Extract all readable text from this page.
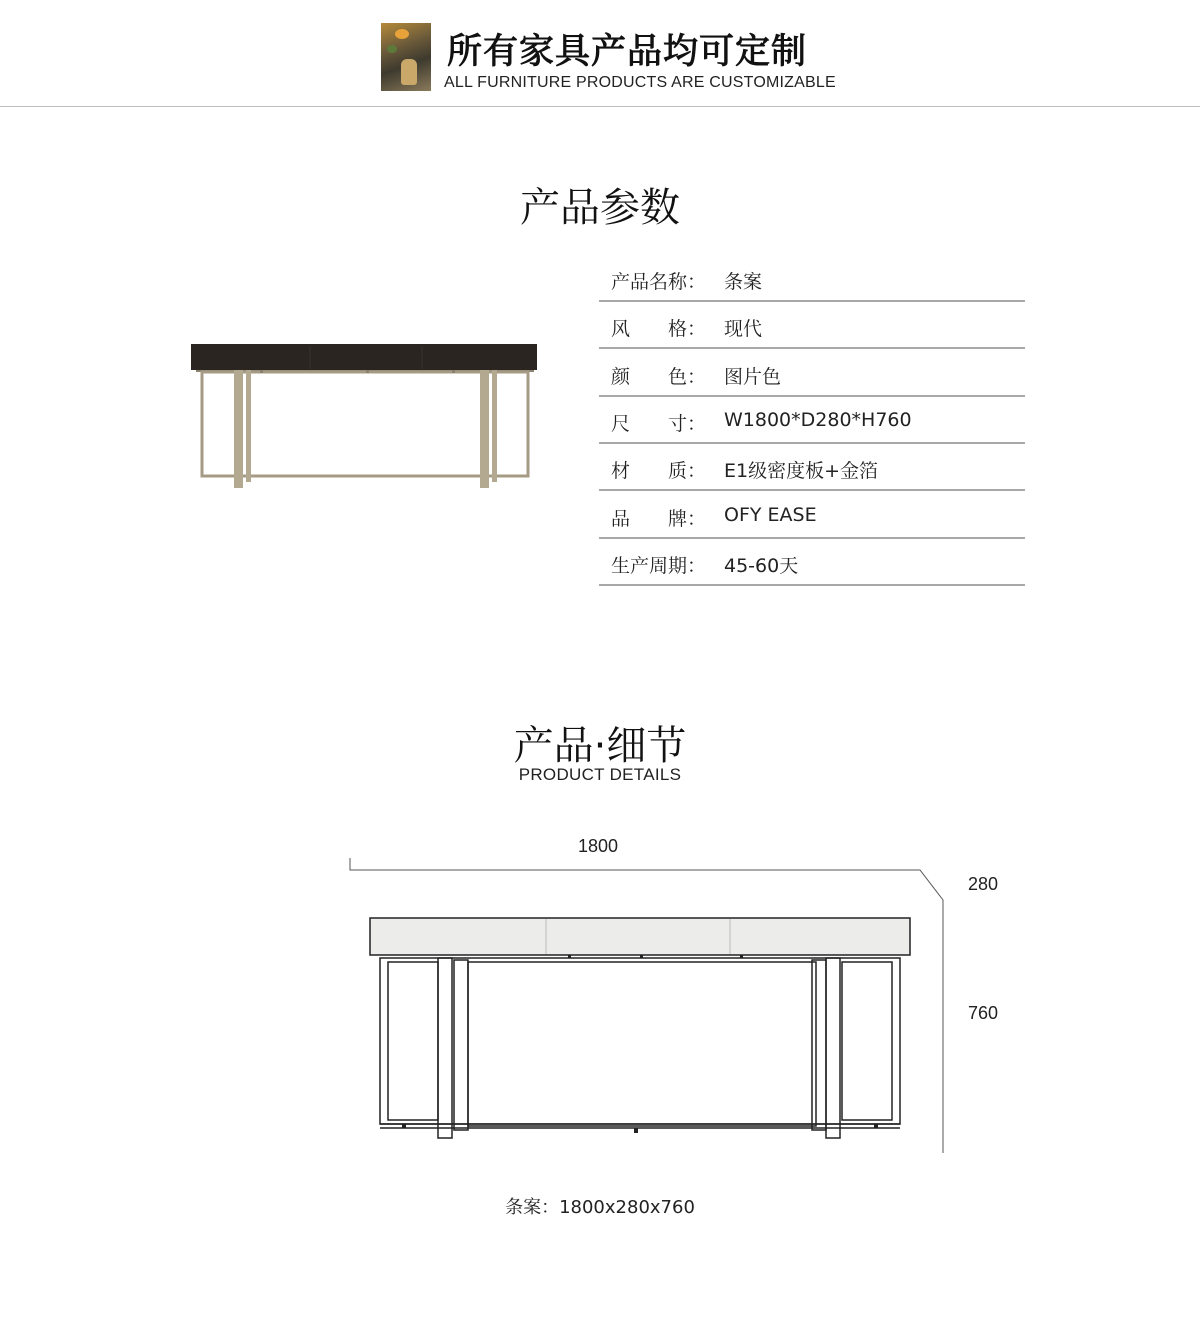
所有家具产品均可定制
ALL FURNITURE PRODUCTS ARE CUSTOMIZABLE
产品参数
产品名称： 条案
风　　格： 现代
颜　　色： 图片色
尺　　寸： W1800*D280*H760
材　　质： E1级密度板+金箔
品　　牌： OFY EASE
生产周期： 45-60天
产品·细节
PRODUCT DETAILS
1800
280
760
条案：1800x280x760
